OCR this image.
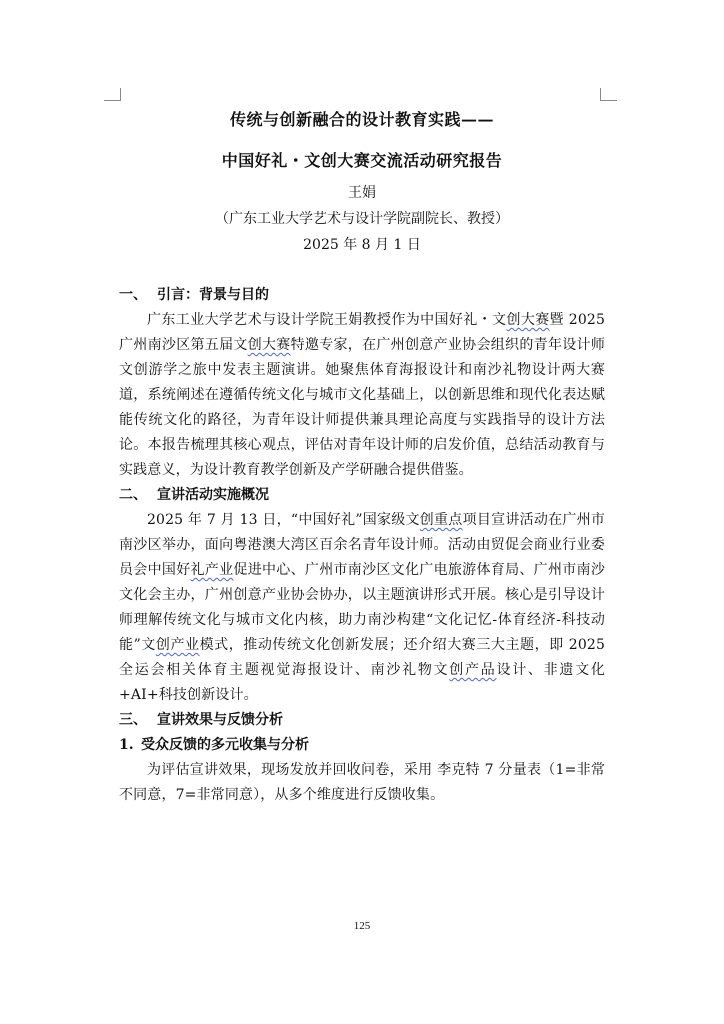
传统与创新融合的设计教育实践——
中国好礼・文创大赛交流活动研究报告
王娟
（广东工业大学艺术与设计学院副院长、教授）
2025 年 8 月 1 日

一、 引言：背景与目的

广东工业大学艺术与设计学院王娟教授作为中国好礼・文创大赛暨 2025 广州南沙区第五届文创大赛特邀专家，在广州创意产业协会组织的青年设计师文创游学之旅中发表主题演讲。她聚焦体育海报设计和南沙礼物设计两大赛道，系统阐述在遵循传统文化与城市文化基础上，以创新思维和现代化表达赋能传统文化的路径，为青年设计师提供兼具理论高度与实践指导的设计方法论。本报告梳理其核心观点，评估对青年设计师的启发价值，总结活动教育与实践意义，为设计教育教学创新及产学研融合提供借鉴。

二、 宣讲活动实施概况

2025 年 7 月 13 日，“中国好礼”国家级文创重点项目宣讲活动在广州市南沙区举办，面向粤港澳大湾区百余名青年设计师。活动由贸促会商业行业委员会中国好礼产业促进中心、广州市南沙区文化广电旅游体育局、广州市南沙文化会主办，广州创意产业协会协办，以主题演讲形式开展。核心是引导设计师理解传统文化与城市文化内核，助力南沙构建“文化记忆-体育经济-科技动能”文创产业模式，推动传统文化创新发展；还介绍大赛三大主题，即 2025 全运会相关体育主题视觉海报设计、南沙礼物文创产品设计、非遗文化+AI+科技创新设计。

三、 宣讲效果与反馈分析

1. 受众反馈的多元收集与分析

为评估宣讲效果，现场发放并回收问卷，采用 李克特 7 分量表（1=非常不同意，7=非常同意），从多个维度进行反馈收集。

125
